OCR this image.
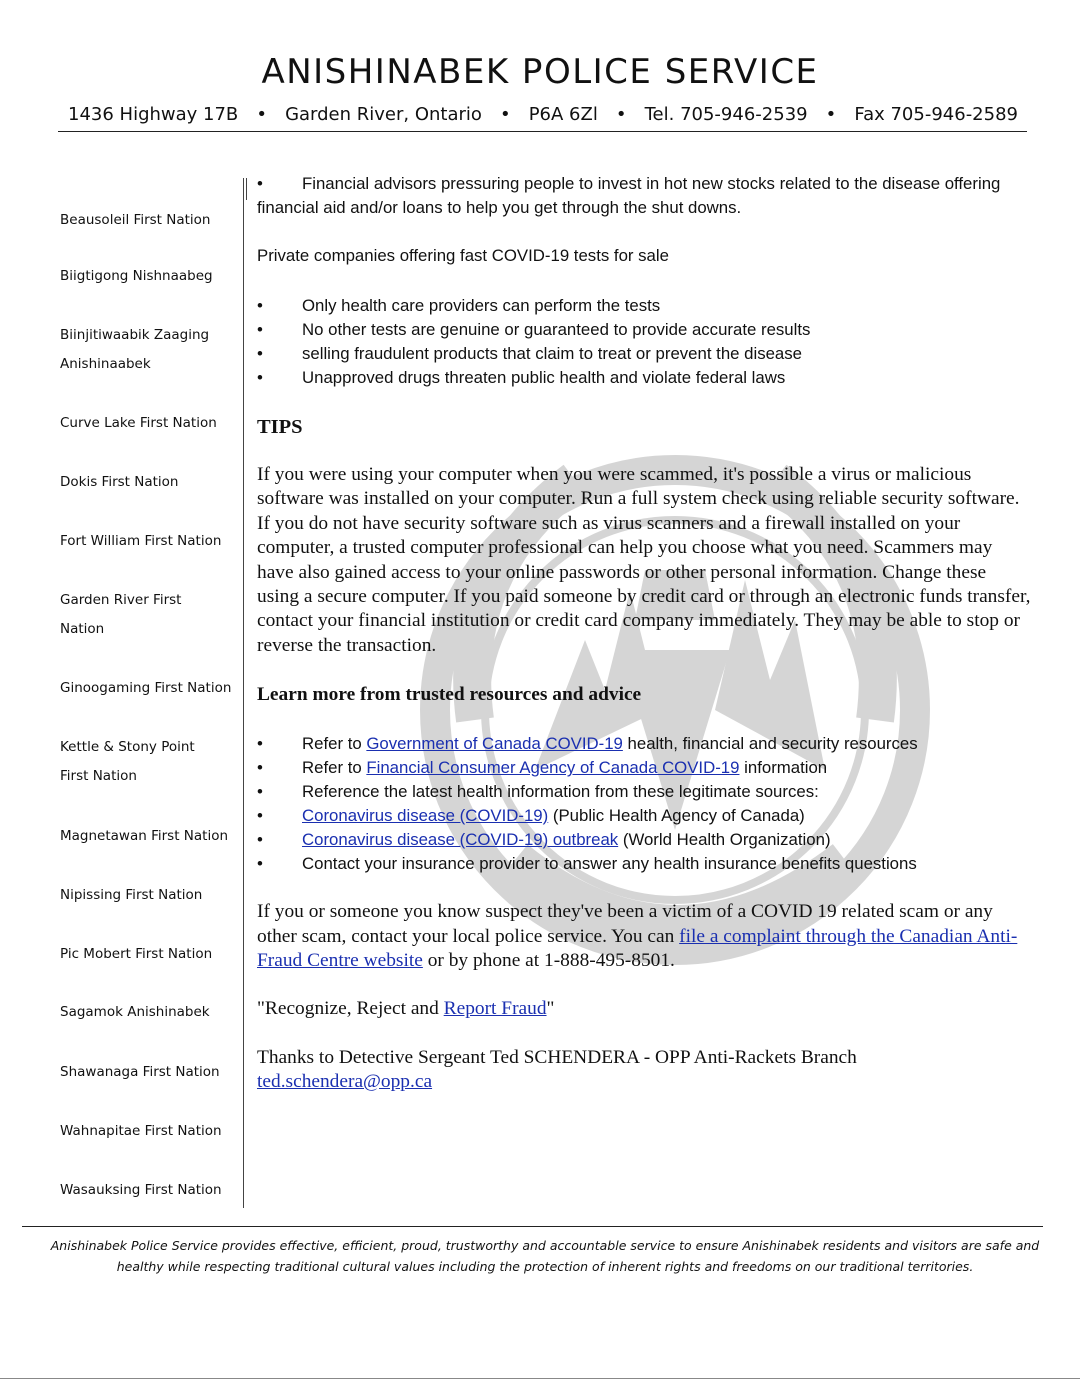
ANISHINABEK POLICE SERVICE
1436 Highway 17B • Garden River, Ontario • P6A 6Zl • Tel. 705-946-2539 • Fax 705-946-2589
Beausoleil First Nation
Biigtigong Nishnaabeg
Biinjitiwaabik Zaaging Anishinaabek
Curve Lake First Nation
Dokis First Nation
Fort William First Nation
Garden River First Nation
Ginoogaming First Nation
Kettle & Stony Point First Nation
Magnetawan First Nation
Nipissing First Nation
Pic Mobert First Nation
Sagamok Anishinabek
Shawanaga First Nation
Wahnapitae First Nation
Wasauksing First Nation

• Financial advisors pressuring people to invest in hot new stocks related to the disease offering financial aid and/or loans to help you get through the shut downs.

Private companies offering fast COVID-19 tests for sale

• Only health care providers can perform the tests

• No other tests are genuine or guaranteed to provide accurate results

• selling fraudulent products that claim to treat or prevent the disease

• Unapproved drugs threaten public health and violate federal laws

TIPS

If you were using your computer when you were scammed, it's possible a virus or malicious software was installed on your computer. Run a full system check using reliable security software. If you do not have security software such as virus scanners and a firewall installed on your computer, a trusted computer professional can help you choose what you need. Scammers may have also gained access to your online passwords or other personal information. Change these using a secure computer. If you paid someone by credit card or through an electronic funds transfer, contact your financial institution or credit card company immediately. They may be able to stop or reverse the transaction.

Learn more from trusted resources and advice

• Refer to Government of Canada COVID-19 health, financial and security resources

• Refer to Financial Consumer Agency of Canada COVID-19 information

• Reference the latest health information from these legitimate sources:

• Coronavirus disease (COVID-19) (Public Health Agency of Canada)

• Coronavirus disease (COVID-19) outbreak (World Health Organization)

• Contact your insurance provider to answer any health insurance benefits questions

If you or someone you know suspect they've been a victim of a COVID 19 related scam or any other scam, contact your local police service. You can file a complaint through the Canadian Anti-Fraud Centre website or by phone at 1-888-495-8501.

"Recognize, Reject and Report Fraud"

Thanks to Detective Sergeant Ted SCHENDERA - OPP Anti-Rackets Branch

ted.schendera@opp.ca

Anishinabek Police Service provides effective, efficient, proud, trustworthy and accountable service to ensure Anishinabek residents and visitors are safe and healthy while respecting traditional cultural values including the protection of inherent rights and freedoms on our traditional territories.
